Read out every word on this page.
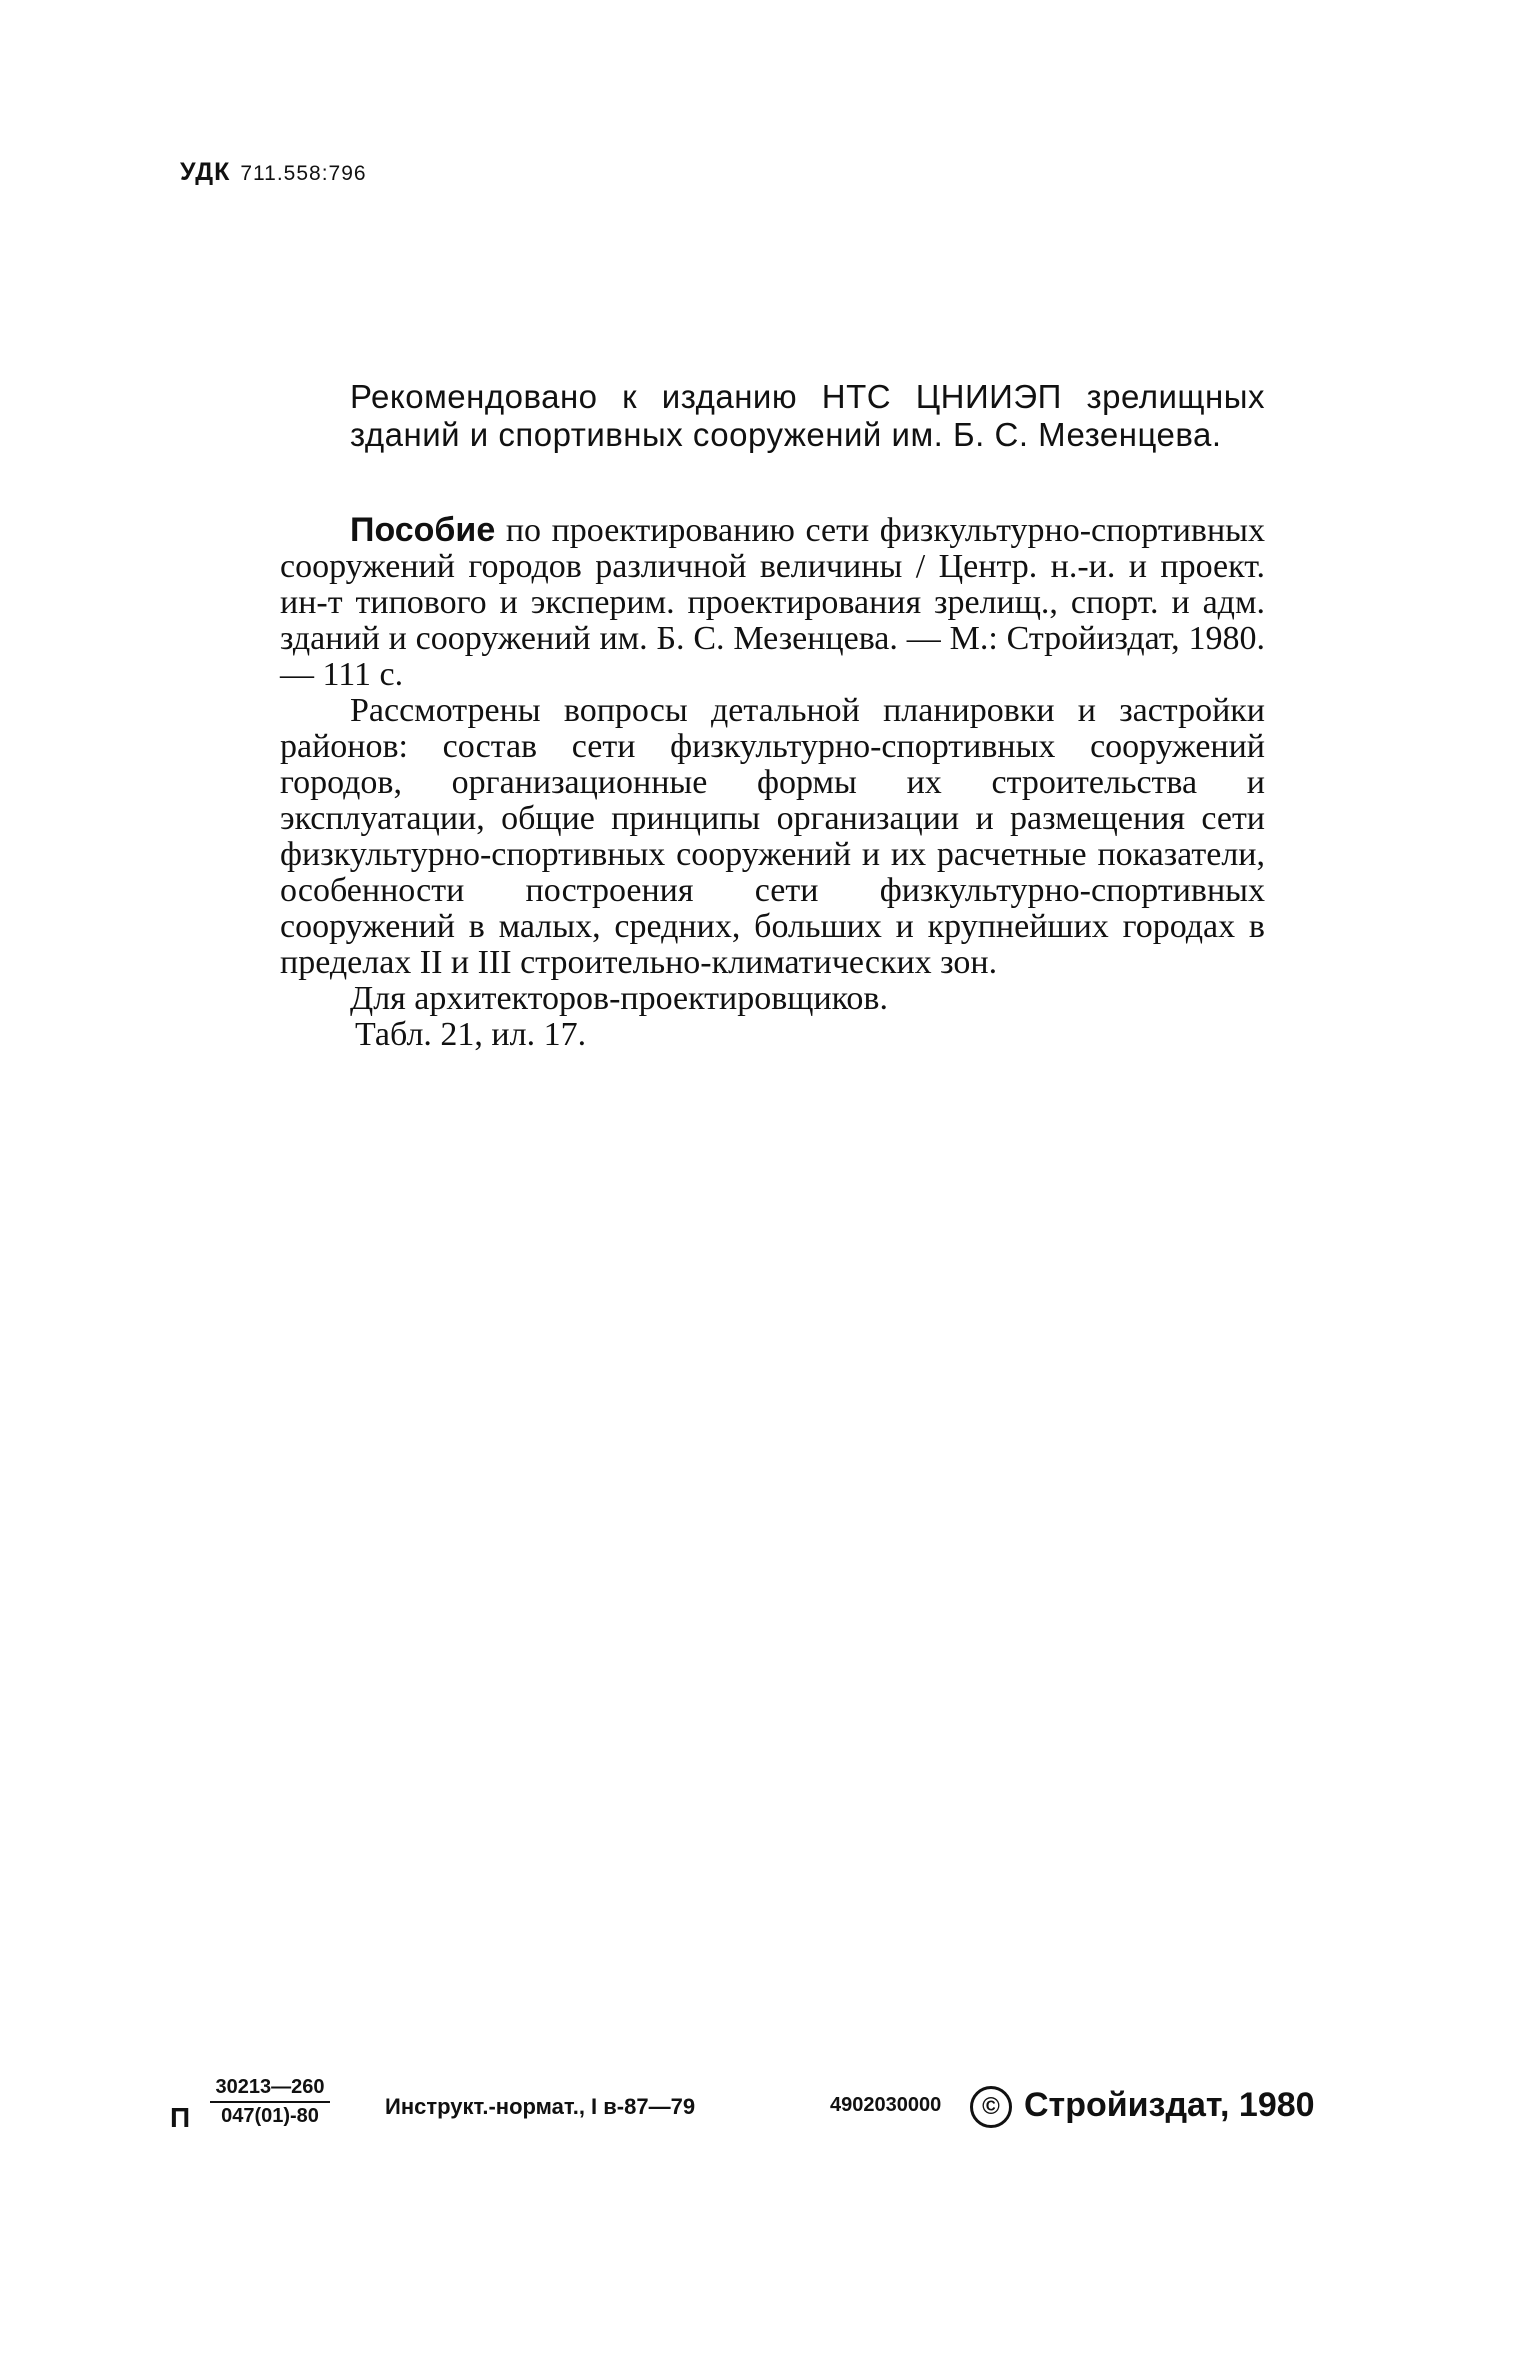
УДК 711.558:796

Рекомендовано к изданию НТС ЦНИИЭП зрелищных зданий и спортивных сооружений им. Б. С. Мезенцева.

Пособие по проектированию сети физкультурно-спортивных сооружений городов различной величины / Центр. н.-и. и проект. ин-т типового и эксперим. проектирования зрелищ., спорт. и адм. зданий и сооружений им. Б. С. Мезенцева. — М.: Стройиздат, 1980. — 111 с.

Рассмотрены вопросы детальной планировки и застройки районов: состав сети физкультурно-спортивных сооружений городов, организационные формы их строительства и эксплуатации, общие принципы организации и размещения сети физкультурно-спортивных сооружений и их расчетные показатели, особенности построения сети физкультурно-спортивных сооружений в малых, средних, больших и крупнейших городах в пределах II и III строительно-климатических зон.

Для архитекторов-проектировщиков.

Табл. 21, ил. 17.

П $\frac{30213—260}{047(01)-80}$	Инструкт.-нормат., I в-87—79	4902030000	© Стройиздат, 1980
